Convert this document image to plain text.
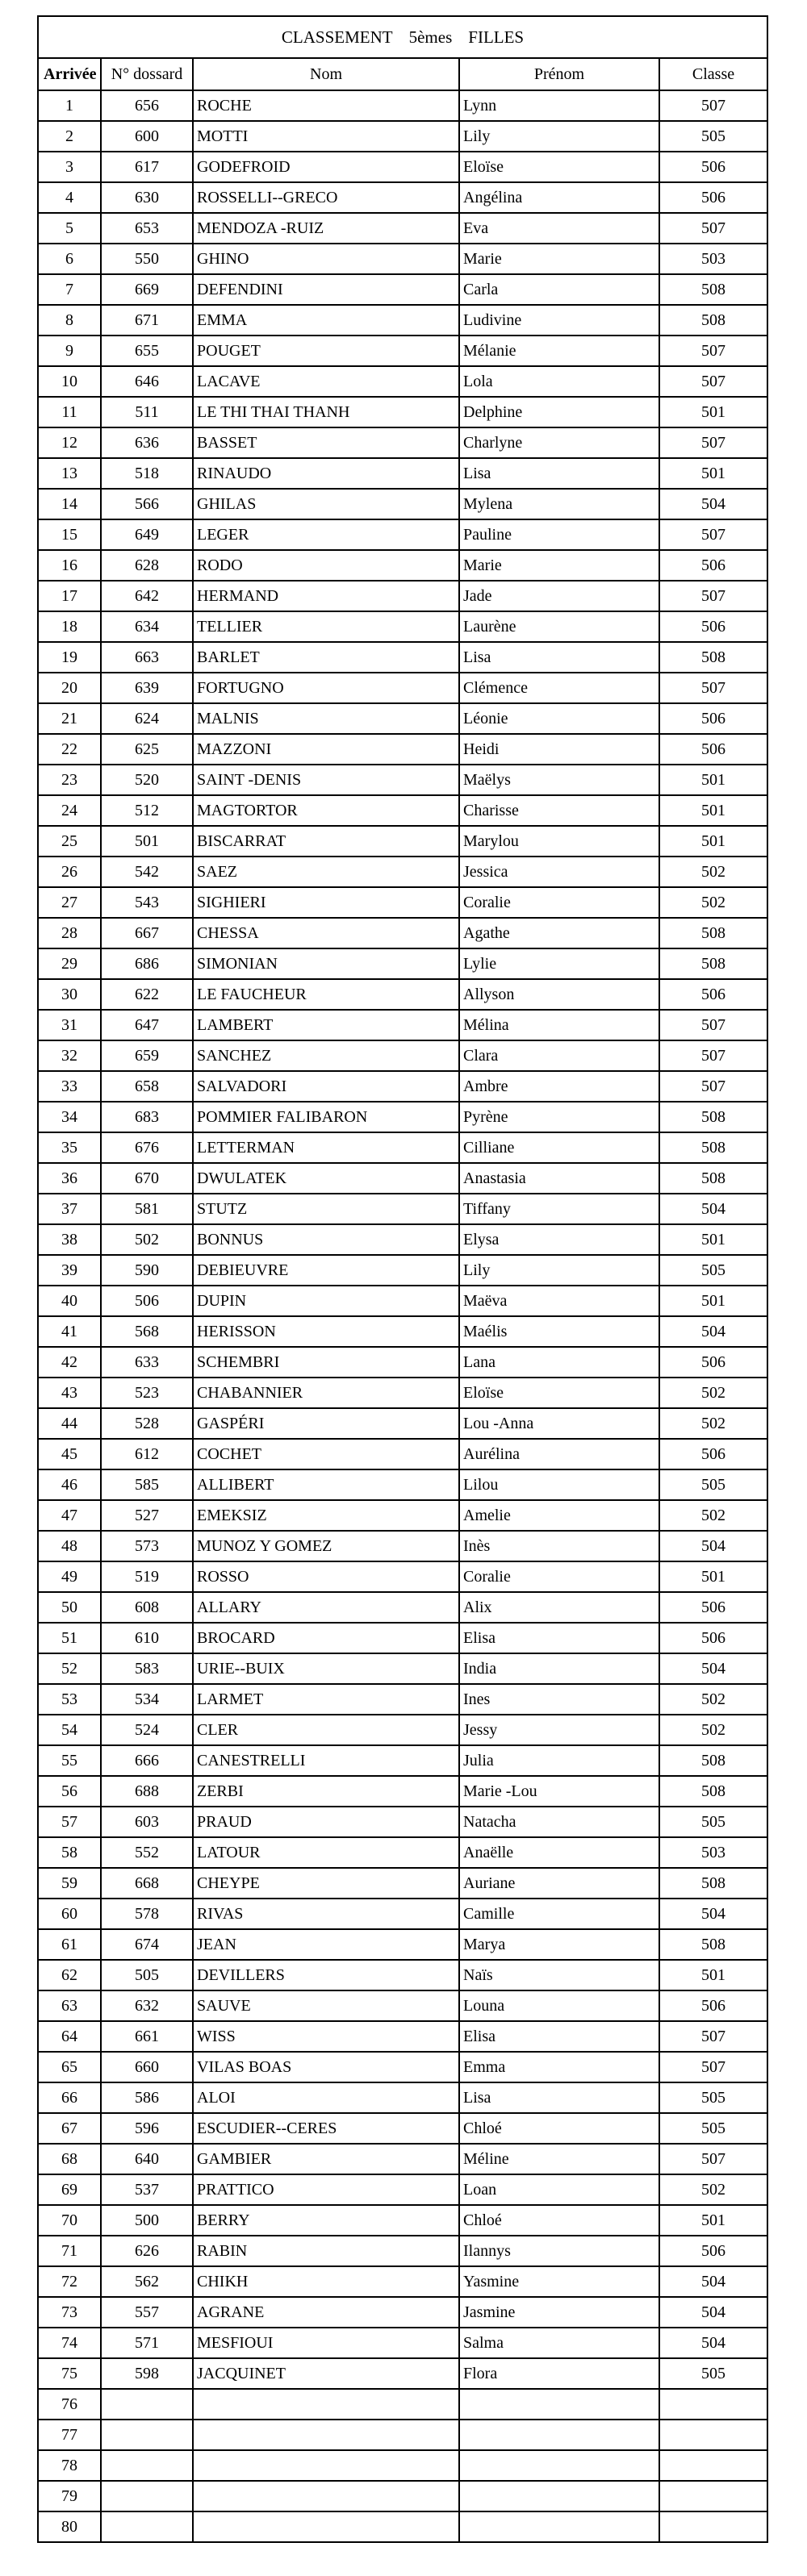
CLASSEMENT 5èmes FILLES				
Arrivée	N° dossard	Nom	Prénom	Classe
1	656	ROCHE	Lynn	507
2	600	MOTTI	Lily	505
3	617	GODEFROID	Eloïse	506
4	630	ROSSELLI--GRECO	Angélina	506
5	653	MENDOZA -RUIZ	Eva	507
6	550	GHINO	Marie	503
7	669	DEFENDINI	Carla	508
8	671	EMMA	Ludivine	508
9	655	POUGET	Mélanie	507
10	646	LACAVE	Lola	507
11	511	LE THI THAI THANH	Delphine	501
12	636	BASSET	Charlyne	507
13	518	RINAUDO	Lisa	501
14	566	GHILAS	Mylena	504
15	649	LEGER	Pauline	507
16	628	RODO	Marie	506
17	642	HERMAND	Jade	507
18	634	TELLIER	Laurène	506
19	663	BARLET	Lisa	508
20	639	FORTUGNO	Clémence	507
21	624	MALNIS	Léonie	506
22	625	MAZZONI	Heidi	506
23	520	SAINT -DENIS	Maëlys	501
24	512	MAGTORTOR	Charisse	501
25	501	BISCARRAT	Marylou	501
26	542	SAEZ	Jessica	502
27	543	SIGHIERI	Coralie	502
28	667	CHESSA	Agathe	508
29	686	SIMONIAN	Lylie	508
30	622	LE FAUCHEUR	Allyson	506
31	647	LAMBERT	Mélina	507
32	659	SANCHEZ	Clara	507
33	658	SALVADORI	Ambre	507
34	683	POMMIER FALIBARON	Pyrène	508
35	676	LETTERMAN	Cilliane	508
36	670	DWULATEK	Anastasia	508
37	581	STUTZ	Tiffany	504
38	502	BONNUS	Elysa	501
39	590	DEBIEUVRE	Lily	505
40	506	DUPIN	Maëva	501
41	568	HERISSON	Maélis	504
42	633	SCHEMBRI	Lana	506
43	523	CHABANNIER	Eloïse	502
44	528	GASPÉRI	Lou -Anna	502
45	612	COCHET	Aurélina	506
46	585	ALLIBERT	Lilou	505
47	527	EMEKSIZ	Amelie	502
48	573	MUNOZ Y GOMEZ	Inès	504
49	519	ROSSO	Coralie	501
50	608	ALLARY	Alix	506
51	610	BROCARD	Elisa	506
52	583	URIE--BUIX	India	504
53	534	LARMET	Ines	502
54	524	CLER	Jessy	502
55	666	CANESTRELLI	Julia	508
56	688	ZERBI	Marie -Lou	508
57	603	PRAUD	Natacha	505
58	552	LATOUR	Anaëlle	503
59	668	CHEYPE	Auriane	508
60	578	RIVAS	Camille	504
61	674	JEAN	Marya	508
62	505	DEVILLERS	Naïs	501
63	632	SAUVE	Louna	506
64	661	WISS	Elisa	507
65	660	VILAS BOAS	Emma	507
66	586	ALOI	Lisa	505
67	596	ESCUDIER--CERES	Chloé	505
68	640	GAMBIER	Méline	507
69	537	PRATTICO	Loan	502
70	500	BERRY	Chloé	501
71	626	RABIN	Ilannys	506
72	562	CHIKH	Yasmine	504
73	557	AGRANE	Jasmine	504
74	571	MESFIOUI	Salma	504
75	598	JACQUINET	Flora	505
76				
77				
78				
79				
80				
